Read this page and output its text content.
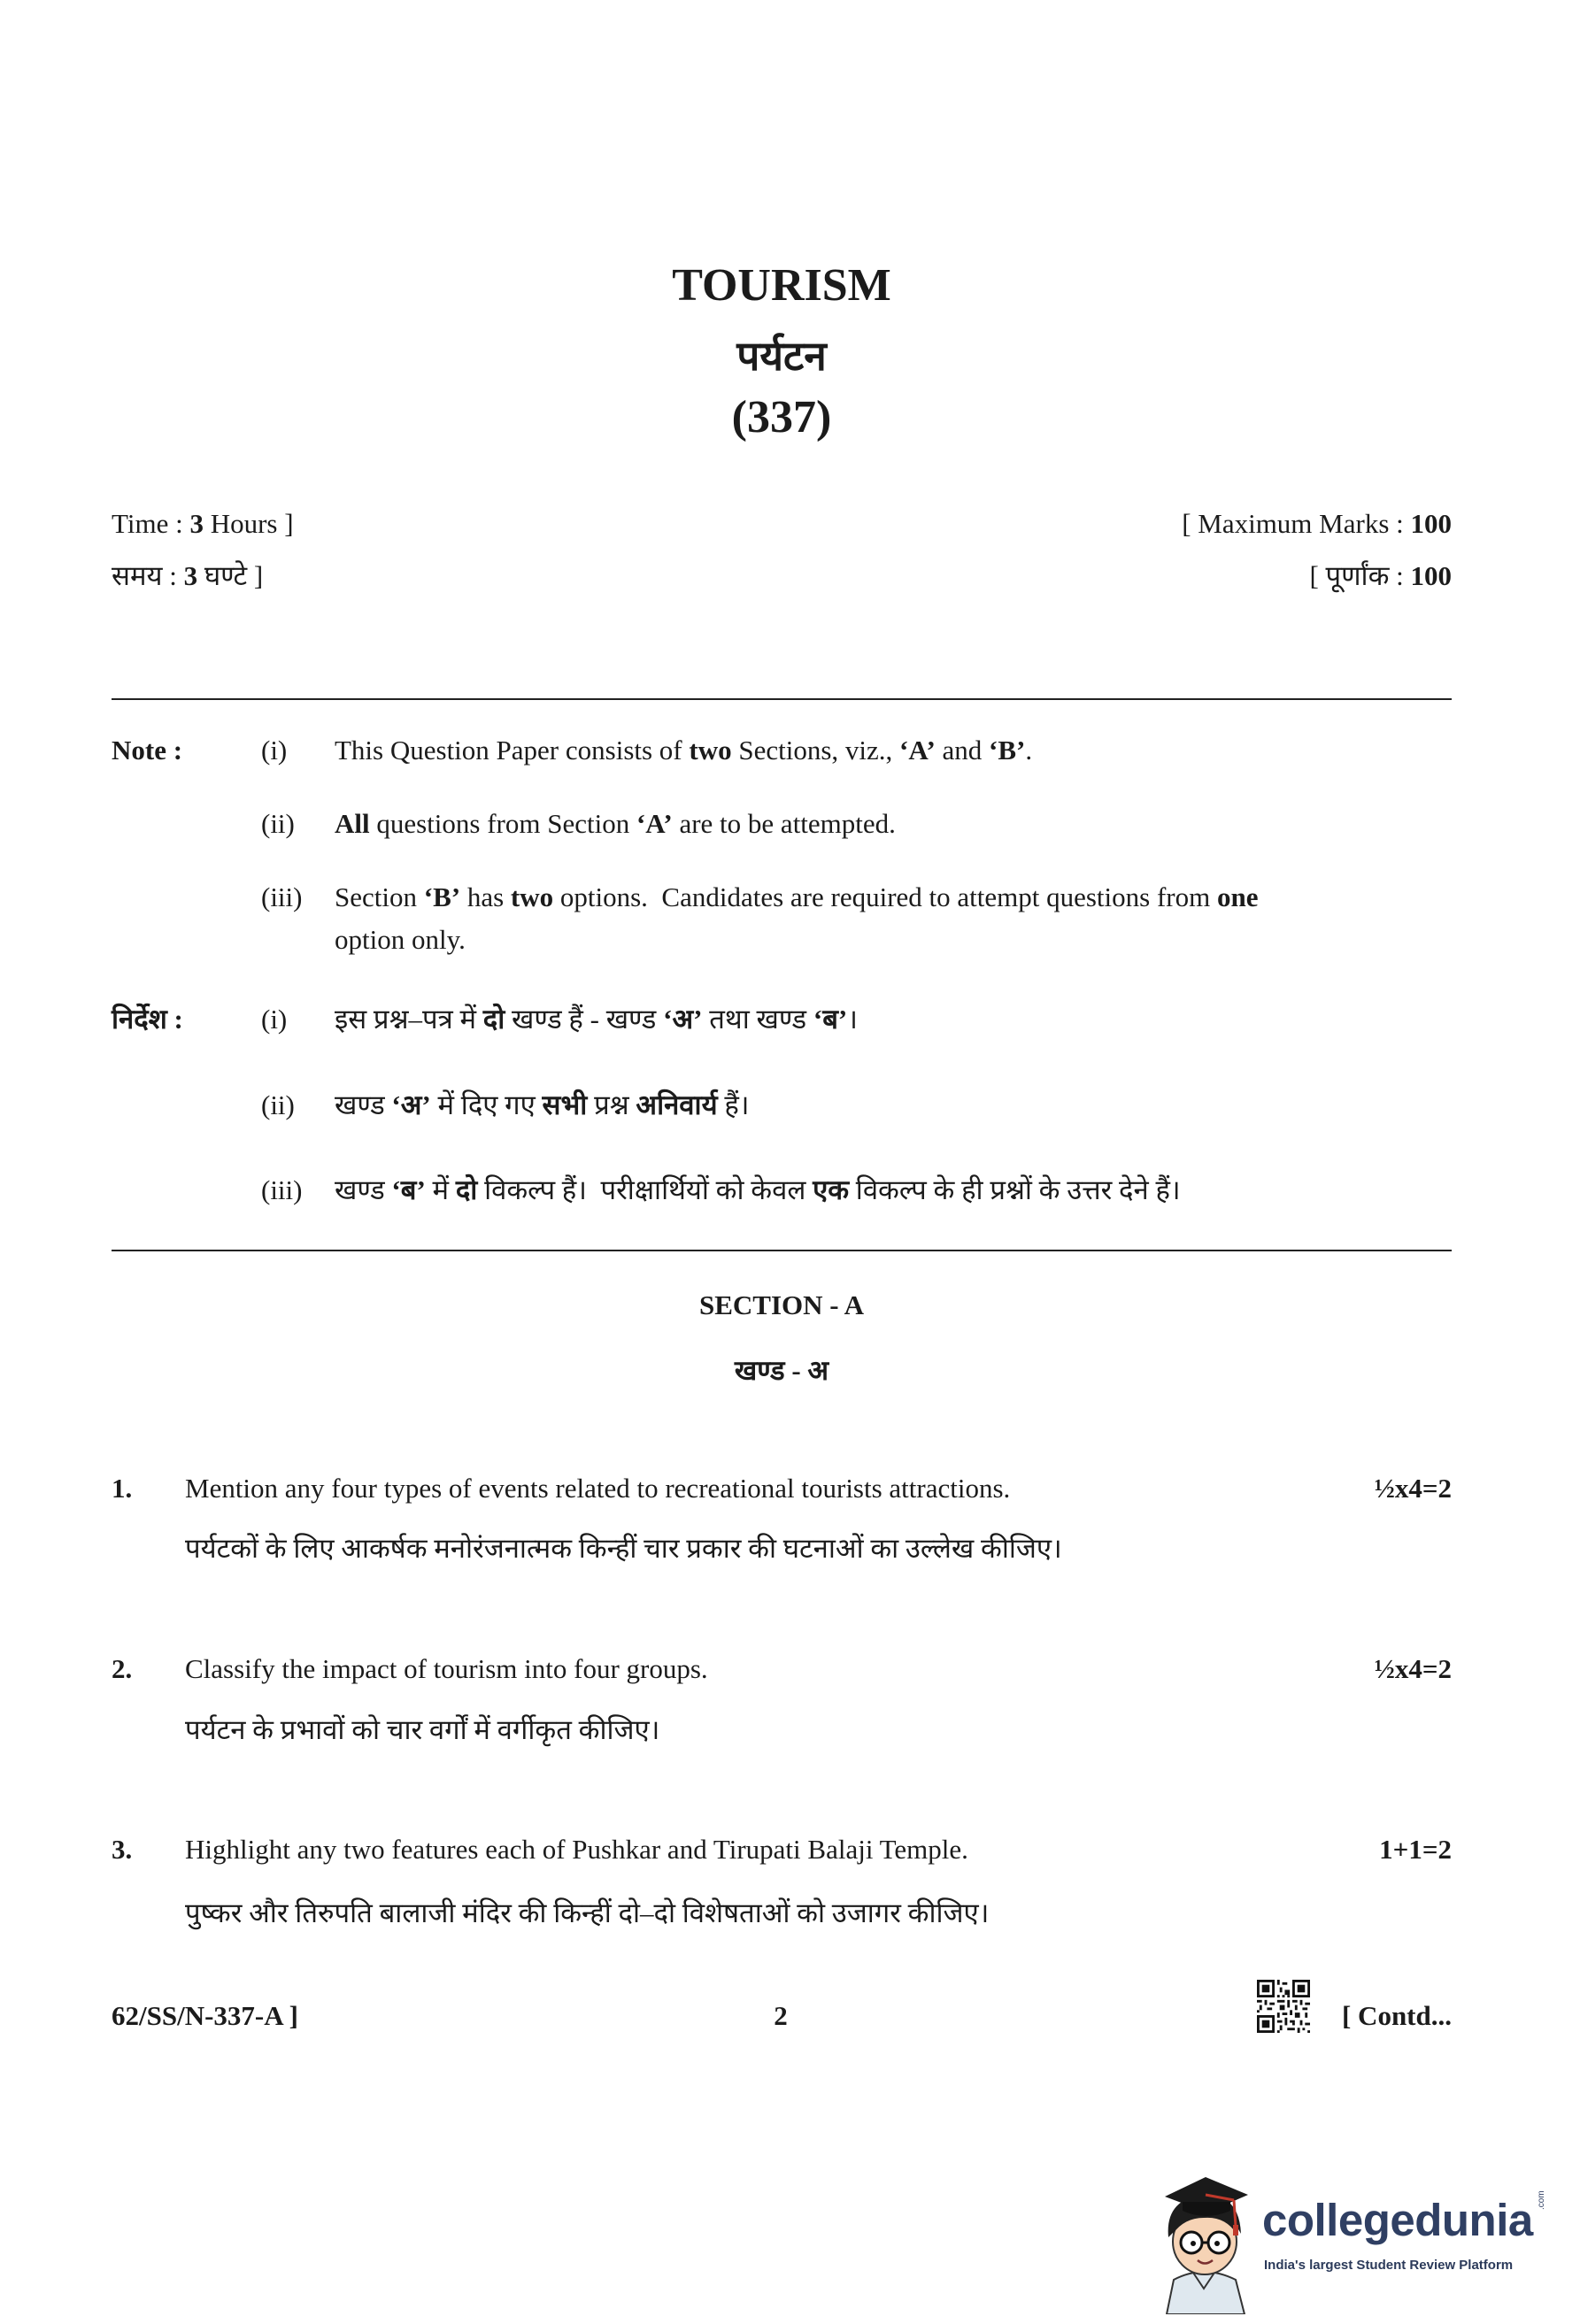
TOURISM
पर्यटन
(337)
Time : 3 Hours ]	[ Maximum Marks : 100
समय : 3 घण्टे ]	[ पूर्णांक : 100
Note :	(i) This Question Paper consists of two Sections, viz., ‘A’ and ‘B’.
(ii) All questions from Section ‘A’ are to be attempted.
(iii) Section ‘B’ has two options.  Candidates are required to attempt questions from one
option only.
निर्देश :	(i) इस प्रश्न–पत्र में दो खण्ड हैं - खण्ड ‘अ’ तथा खण्ड ‘ब’।
(ii) खण्ड ‘अ’ में दिए गए सभी प्रश्न अनिवार्य हैं।
(iii) खण्ड ‘ब’ में दो विकल्प हैं।  परीक्षार्थियों को केवल एक विकल्प के ही प्रश्नों के उत्तर देने हैं।
SECTION - A
खण्ड - अ
1. Mention any four types of events related to recreational tourists attractions.	½x4=2
पर्यटकों के लिए आकर्षक मनोरंजनात्मक किन्हीं चार प्रकार की घटनाओं का उल्लेख कीजिए।
2. Classify the impact of tourism into four groups.	½x4=2
पर्यटन के प्रभावों को चार वर्गों में वर्गीकृत कीजिए।
3. Highlight any two features each of Pushkar and Tirupati Balaji Temple.	1+1=2
पुष्कर और तिरुपति बालाजी मंदिर की किन्हीं दो–दो विशेषताओं को उजागर कीजिए।
62/SS/N-337-A ]	2	[ Contd...
collegedunia .com
India's largest Student Review Platform
